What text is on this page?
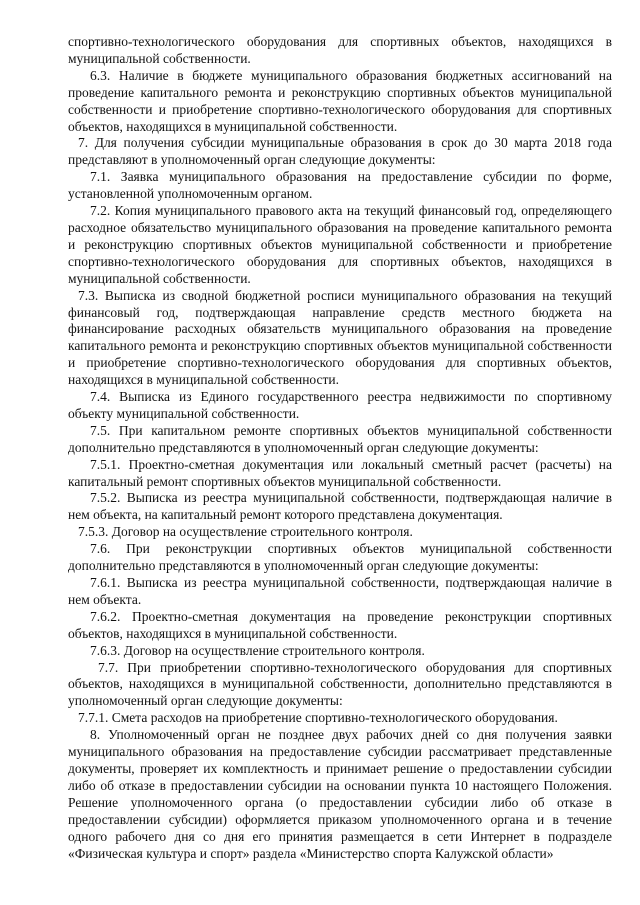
спортивно-технологического оборудования для спортивных объектов, находящихся в муниципальной собственности.

6.3. Наличие в бюджете муниципального образования бюджетных ассигнований на проведение капитального ремонта и реконструкцию спортивных объектов муниципальной собственности и приобретение спортивно-технологического оборудования для спортивных объектов, находящихся в муниципальной собственности.

7. Для получения субсидии муниципальные образования в срок до 30 марта 2018 года представляют в уполномоченный орган следующие документы:

7.1. Заявка муниципального образования на предоставление субсидии по форме, установленной уполномоченным органом.

7.2. Копия муниципального правового акта на текущий финансовый год, определяющего расходное обязательство муниципального образования на проведение капитального ремонта и реконструкцию спортивных объектов муниципальной собственности и приобретение спортивно-технологического оборудования для спортивных объектов, находящихся в муниципальной собственности.

7.3. Выписка из сводной бюджетной росписи муниципального образования на текущий финансовый год, подтверждающая направление средств местного бюджета на финансирование расходных обязательств муниципального образования на проведение капитального ремонта и реконструкцию спортивных объектов муниципальной собственности и приобретение спортивно-технологического оборудования для спортивных объектов, находящихся в муниципальной собственности.

7.4. Выписка из Единого государственного реестра недвижимости по спортивному объекту муниципальной собственности.

7.5. При капитальном ремонте спортивных объектов муниципальной собственности дополнительно представляются в уполномоченный орган следующие документы:

7.5.1. Проектно-сметная документация или локальный сметный расчет (расчеты) на капитальный ремонт спортивных объектов муниципальной собственности.

7.5.2. Выписка из реестра муниципальной собственности, подтверждающая наличие в нем объекта, на капитальный ремонт которого представлена документация.

7.5.3. Договор на осуществление строительного контроля.

7.6. При реконструкции спортивных объектов муниципальной собственности дополнительно представляются в уполномоченный орган следующие документы:

7.6.1. Выписка из реестра муниципальной собственности, подтверждающая наличие в нем объекта.

7.6.2. Проектно-сметная документация на проведение реконструкции спортивных объектов, находящихся в муниципальной собственности.

7.6.3. Договор на осуществление строительного контроля.

7.7. При приобретении спортивно-технологического оборудования для спортивных объектов, находящихся в муниципальной собственности, дополнительно представляются в уполномоченный орган следующие документы:

7.7.1. Смета расходов на приобретение спортивно-технологического оборудования.

8. Уполномоченный орган не позднее двух рабочих дней со дня получения заявки муниципального образования на предоставление субсидии рассматривает представленные документы, проверяет их комплектность и принимает решение о предоставлении субсидии либо об отказе в предоставлении субсидии на основании пункта 10 настоящего Положения. Решение уполномоченного органа (о предоставлении субсидии либо об отказе в предоставлении субсидии) оформляется приказом уполномоченного органа и в течение одного рабочего дня со дня его принятия размещается в сети Интернет в подразделе «Физическая культура и спорт» раздела «Министерство спорта Калужской области»
